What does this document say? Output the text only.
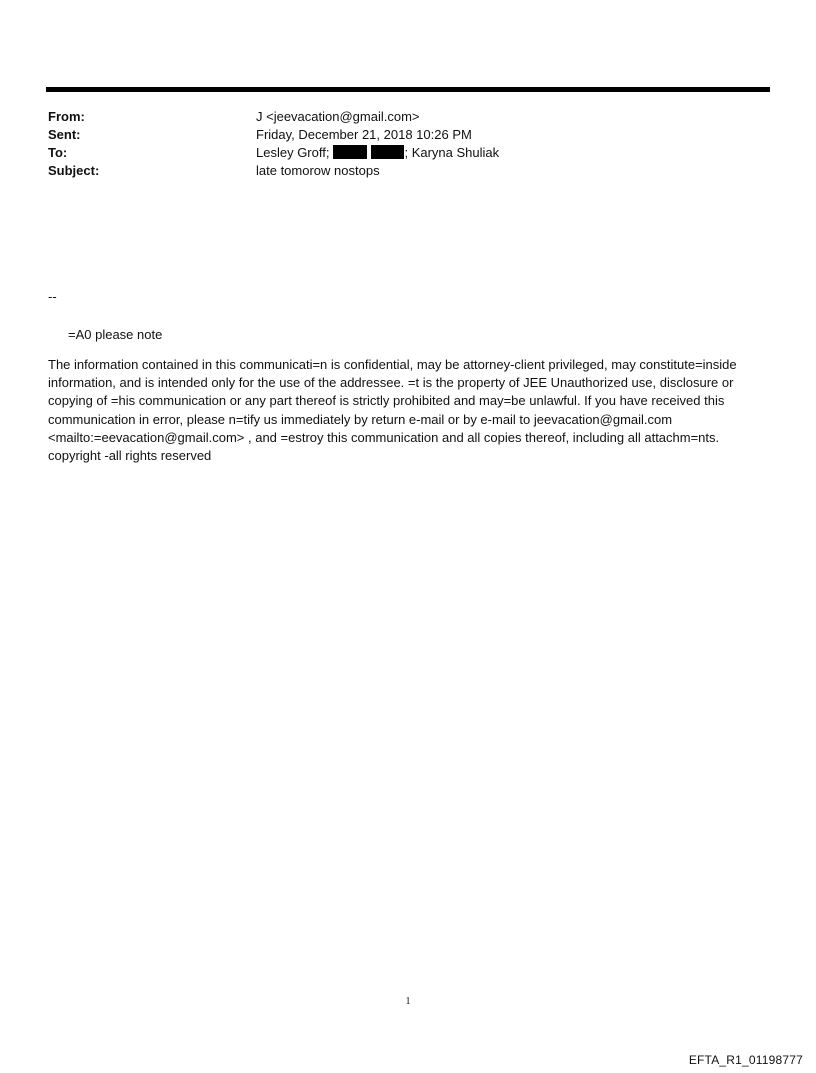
From:	J <jeevacation@gmail.com>
Sent:	Friday, December 21, 2018 10:26 PM
To:	Lesley Groff;	; Karyna Shuliak
Subject:	late tomorow nostops

--

=A0 please note

The information contained in this communicati=n is confidential, may be attorney-client privileged, may constitute=inside information, and is intended only for the use of the addressee. =t is the property of JEE Unauthorized use, disclosure or copying of =his communication or any part thereof is strictly prohibited and may=be unlawful. If you have received this communication in error, please n=tify us immediately by return e-mail or by e-mail to jeevacation@gmail.com <mailto:=eevacation@gmail.com> , and =estroy this communication and all copies thereof, including all attachm=nts. copyright -all rights reserved

1
EFTA_R1_01198777
